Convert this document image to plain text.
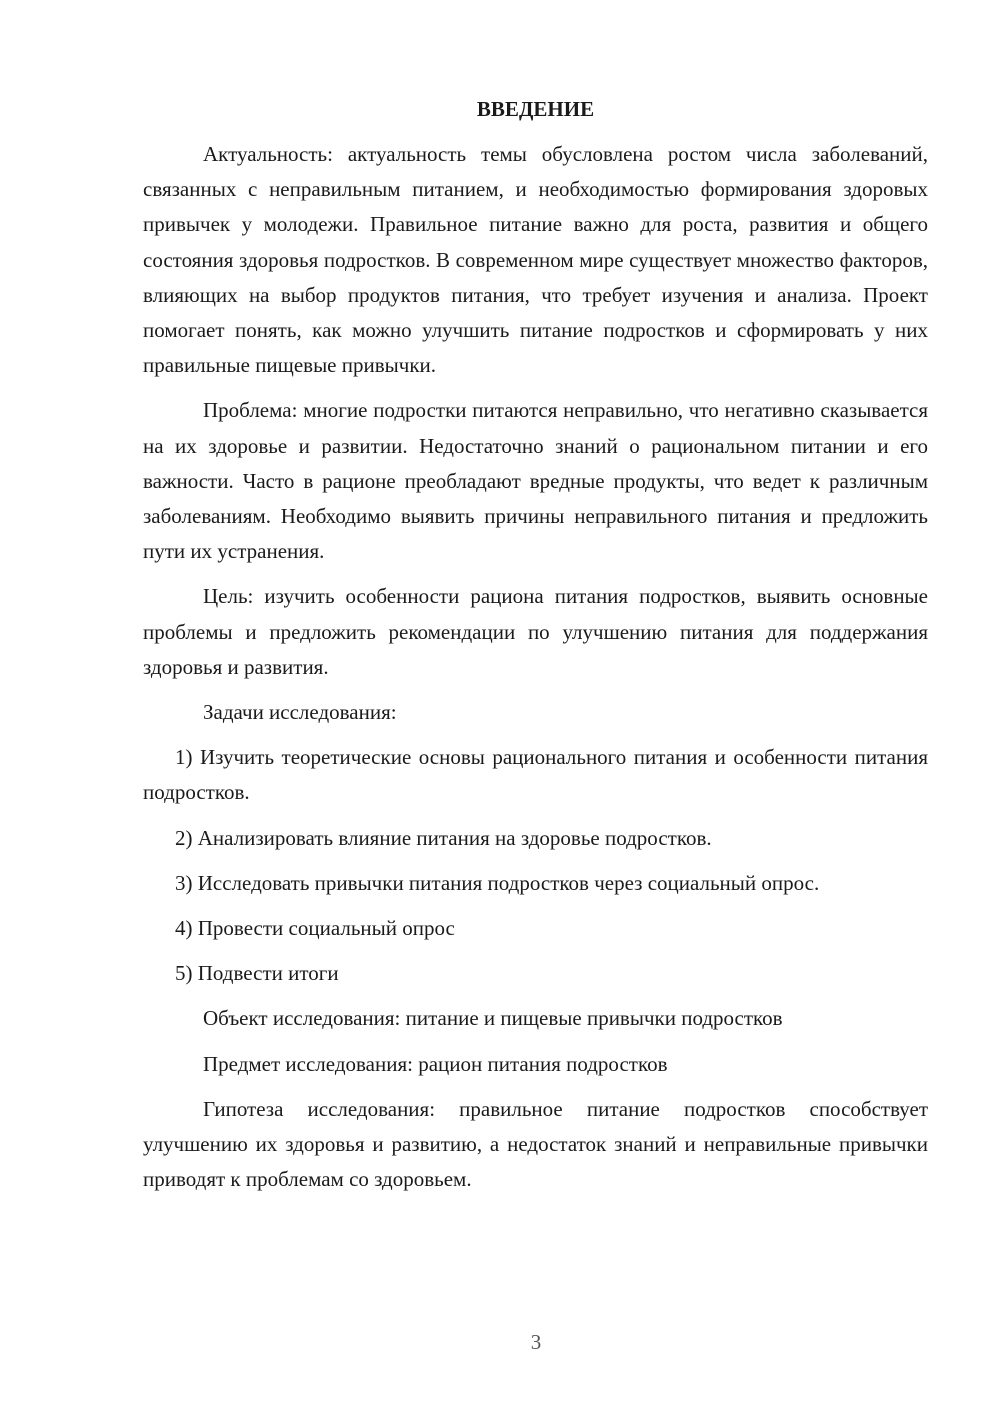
ВВЕДЕНИЕ

Актуальность: актуальность темы обусловлена ростом числа заболеваний, связанных с неправильным питанием, и необходимостью формирования здоровых привычек у молодежи. Правильное питание важно для роста, развития и общего состояния здоровья подростков. В современном мире существует множество факторов, влияющих на выбор продуктов питания, что требует изучения и анализа. Проект помогает понять, как можно улучшить питание подростков и сформировать у них правильные пищевые привычки.

Проблема: многие подростки питаются неправильно, что негативно сказывается на их здоровье и развитии. Недостаточно знаний о рациональном питании и его важности. Часто в рационе преобладают вредные продукты, что ведет к различным заболеваниям. Необходимо выявить причины неправильного питания и предложить пути их устранения.

Цель: изучить особенности рациона питания подростков, выявить основные проблемы и предложить рекомендации по улучшению питания для поддержания здоровья и развития.

Задачи исследования:

1) Изучить теоретические основы рационального питания и особенности питания подростков.

2) Анализировать влияние питания на здоровье подростков.

3) Исследовать привычки питания подростков через социальный опрос.

4) Провести социальный опрос

5) Подвести итоги

Объект исследования: питание и пищевые привычки подростков

Предмет исследования: рацион питания подростков

Гипотеза исследования: правильное питание подростков способствует улучшению их здоровья и развитию, а недостаток знаний и неправильные привычки приводят к проблемам со здоровьем.

3
